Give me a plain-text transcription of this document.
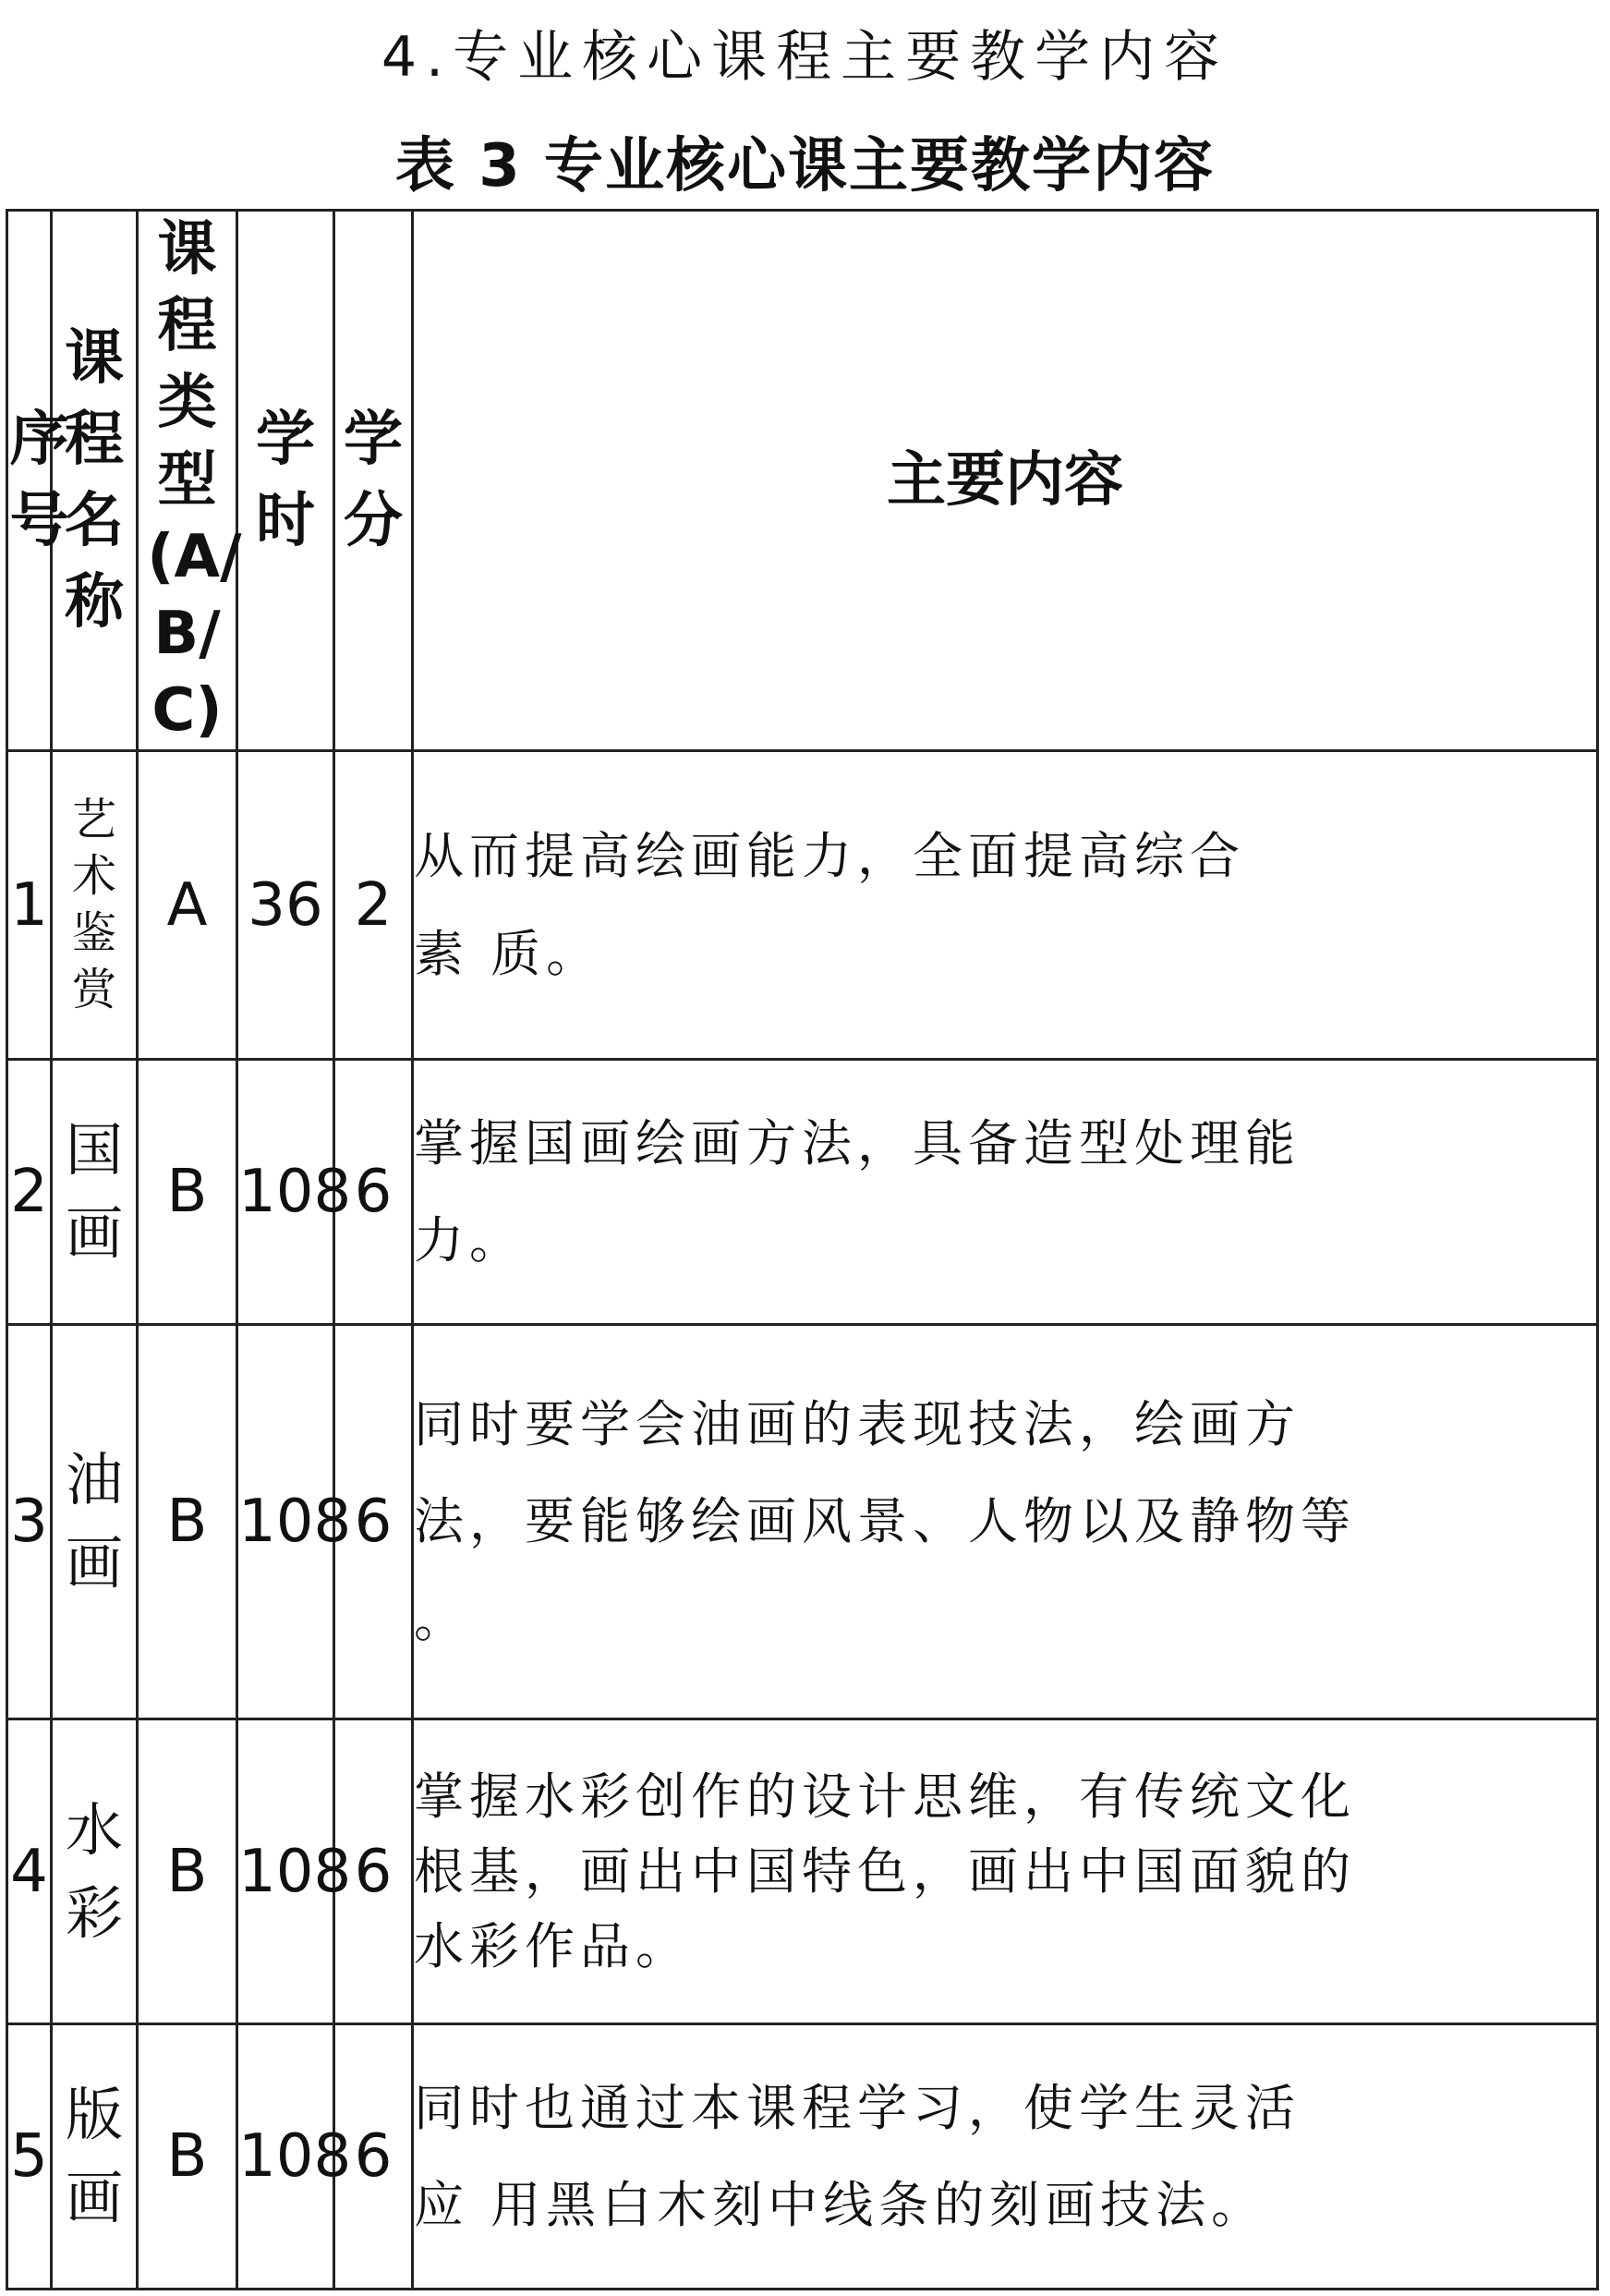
4.专业核心课程主要教学内容
表 3 专业核心课主要教学内容
序号	课程名称	课程类型(A/B/C)	学时	学分	主要内容
1	艺术鉴赏	A	36	2	从而提高绘画能力，全面提高综合

素 质。

2	国画	B	108	6	掌握国画绘画方法，具备造型处理能

力。

3	油画	B	108	6	同时要学会油画的表现技法，绘画方

法，要能够绘画风景、人物以及静物等

。

4	水彩	B	108	6	掌握水彩创作的设计思维，有传统文化

根基，画出中国特色，画出中国面貌的

水彩作品。

5	版画	B	108	6	同时也通过本课程学习，使学生灵活

应 用黑白木刻中线条的刻画技法。
